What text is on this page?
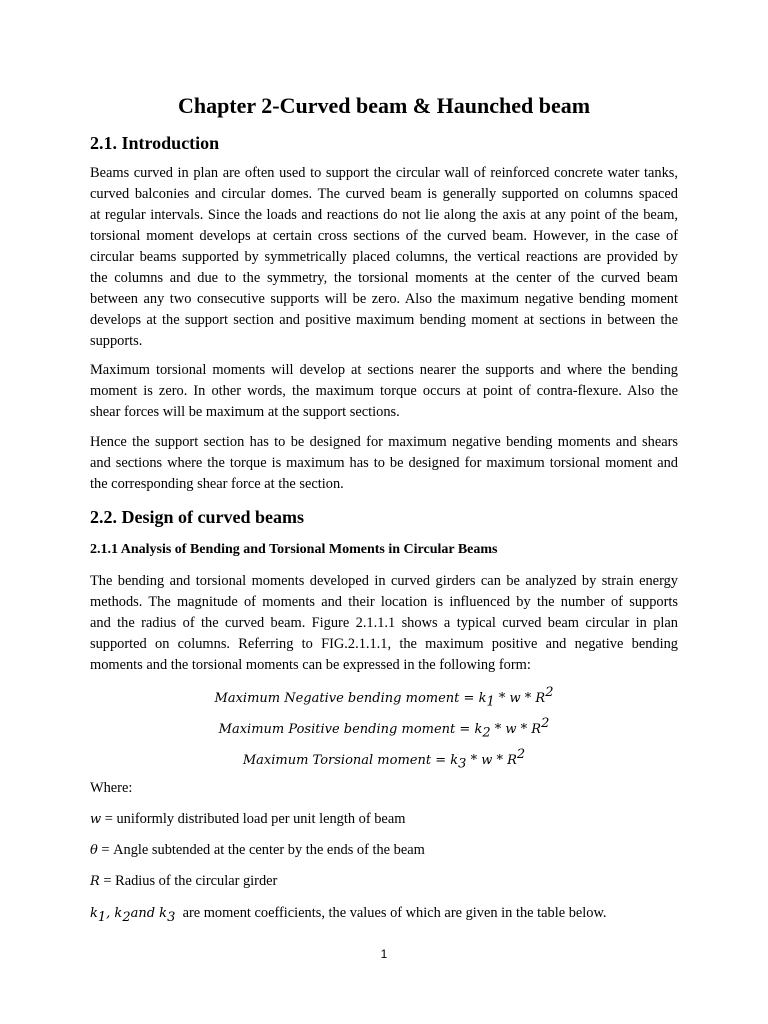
Chapter 2-Curved beam & Haunched beam
2.1. Introduction

Beams curved in plan are often used to support the circular wall of reinforced concrete water tanks,
curved balconies and circular domes. The curved beam is generally supported on columns spaced
at regular intervals. Since the loads and reactions do not lie along the axis at any point of the beam,
torsional moment develops at certain cross sections of the curved beam. However, in the case of
circular beams supported by symmetrically placed columns, the vertical reactions are provided by
the columns and due to the symmetry, the torsional moments at the center of the curved beam
between any two consecutive supports will be zero. Also the maximum negative bending moment
develops at the support section and positive maximum bending moment at sections in between the
supports.

Maximum torsional moments will develop at sections nearer the supports and where the bending
moment is zero. In other words, the maximum torque occurs at point of contra-flexure. Also the
shear forces will be maximum at the support sections.

Hence the support section has to be designed for maximum negative bending moments and shears
and sections where the torque is maximum has to be designed for maximum torsional moment and
the corresponding shear force at the section.

2.2. Design of curved beams
2.1.1 Analysis of Bending and Torsional Moments in Circular Beams

The bending and torsional moments developed in curved girders can be analyzed by strain energy
methods. The magnitude of moments and their location is influenced by the number of supports
and the radius of the curved beam. Figure 2.1.1.1 shows a typical curved beam circular in plan
supported on columns. Referring to FIG.2.1.1.1, the maximum positive and negative bending
moments and the torsional moments can be expressed in the following form:

Maximum Negative bending moment = $k_1$ * w * $R^2$
Maximum Positive bending moment = $k_2$ * w * $R^2$
Maximum Torsional moment = $k_3$ * w * $R^2$

Where:

w = uniformly distributed load per unit length of beam

θ = Angle subtended at the center by the ends of the beam

R = Radius of the circular girder

$k_1$, $k_2and$ $k_3$ are moment coefficients, the values of which are given in the table below.

1
